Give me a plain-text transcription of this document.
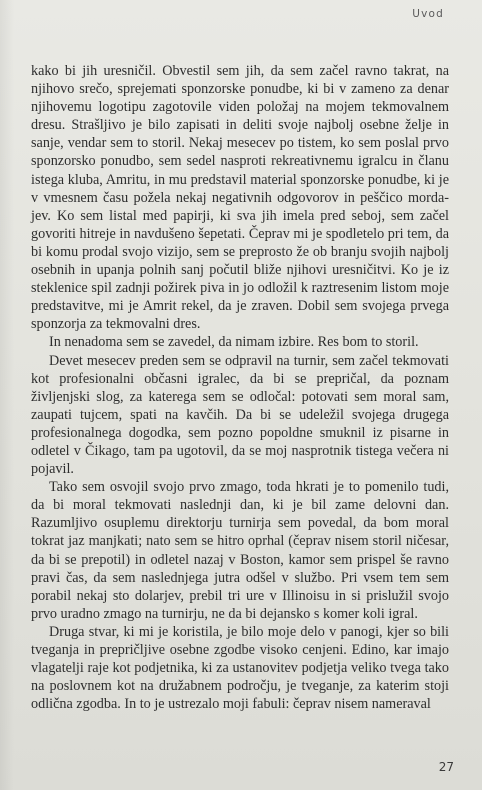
Uvod

kako bi jih uresničil. Obvestil sem jih, da sem začel ravno takrat, na njihovo srečo, sprejemati sponzorske ponudbe, ki bi v zameno za denar njihovemu logotipu zagotovile viden položaj na mojem tekmovalnem dresu. Strašljivo je bilo zapisati in deliti svoje najbolj osebne želje in sanje, vendar sem to storil. Nekaj mesecev po tistem, ko sem poslal prvo sponzorsko ponudbo, sem sedel nasproti rekreativnemu igralcu in članu istega kluba, Amritu, in mu predstavil material sponzorske ponudbe, ki je v vmesnem času požela nekaj negativnih odgovorov in peščico morda-jev. Ko sem listal med papirji, ki sva jih imela pred seboj, sem začel govoriti hitreje in navdušeno šepetati. Čeprav mi je spodletelo pri tem, da bi komu prodal svojo vizijo, sem se preprosto že ob branju svojih najbolj osebnih in upanja polnih sanj počutil bliže njihovi uresničitvi. Ko je iz steklenice spil zadnji požirek piva in jo odložil k raztresenim listom moje predstavitve, mi je Amrit rekel, da je zraven. Dobil sem svojega prvega sponzorja za tekmovalni dres.

In nenadoma sem se zavedel, da nimam izbire. Res bom to storil.

Devet mesecev preden sem se odpravil na turnir, sem začel tekmovati kot profesionalni občasni igralec, da bi se prepričal, da poznam življenjski slog, za katerega sem se odločal: potovati sem moral sam, zaupati tujcem, spati na kavčih. Da bi se udeležil svojega drugega profesionalnega dogodka, sem pozno popoldne smuknil iz pisarne in odletel v Čikago, tam pa ugotovil, da se moj nasprotnik tistega večera ni pojavil.

Tako sem osvojil svojo prvo zmago, toda hkrati je to pomenilo tudi, da bi moral tekmovati naslednji dan, ki je bil zame delovni dan. Razumljivo osuplemu direktorju turnirja sem povedal, da bom moral tokrat jaz manjkati; nato sem se hitro oprhal (čeprav nisem storil ničesar, da bi se prepotil) in odletel nazaj v Boston, kamor sem prispel še ravno pravi čas, da sem naslednjega jutra odšel v službo. Pri vsem tem sem porabil nekaj sto dolarjev, prebil tri ure v Illinoisu in si prislužil svojo prvo uradno zmago na turnirju, ne da bi dejansko s komer koli igral.

Druga stvar, ki mi je koristila, je bilo moje delo v panogi, kjer so bili tveganja in prepričljive osebne zgodbe visoko cenjeni. Edino, kar imajo vlagatelji raje kot podjetnika, ki za ustanovitev podjetja veliko tvega tako na poslovnem kot na družabnem področju, je tveganje, za katerim stoji odlična zgodba. In to je ustrezalo moji fabuli: čeprav nisem nameraval

27
